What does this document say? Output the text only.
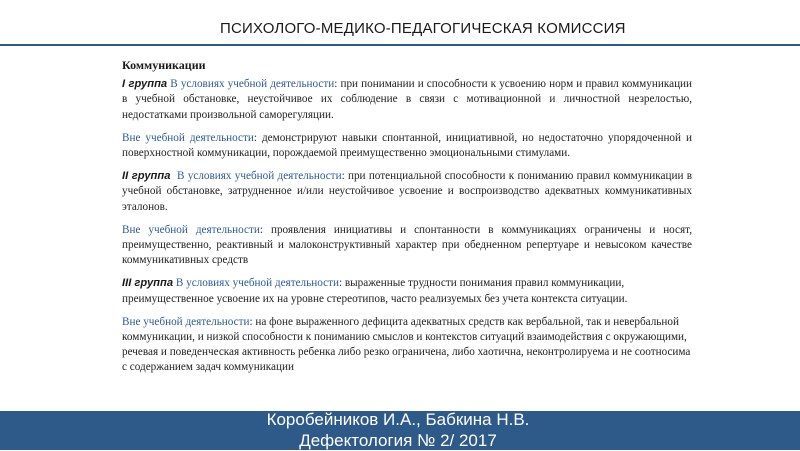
ПСИХОЛОГО-МЕДИКО-ПЕДАГОГИЧЕСКАЯ КОМИССИЯ
Коммуникации

I группа В условиях учебной деятельности: при понимании и способности к усвоению норм и правил коммуникации в учебной обстановке, неустойчивое их соблюдение в связи с мотивационной и личностной незрелостью, недостатками произвольной саморегуляции.

Вне учебной деятельности: демонстрируют навыки спонтанной, инициативной, но недостаточно упорядоченной и поверхностной коммуникации, порождаемой преимущественно эмоциональными стимулами.

II группа В условиях учебной деятельности: при потенциальной способности к пониманию правил коммуникации в учебной обстановке, затрудненное и/или неустойчивое усвоение и воспроизводство адекватных коммуникативных эталонов.

Вне учебной деятельности: проявления инициативы и спонтанности в коммуникациях ограничены и носят, преимущественно, реактивный и малоконструктивный характер при обедненном репертуаре и невысоком качестве коммуникативных средств

III группа В условиях учебной деятельности: выраженные трудности понимания правил коммуникации, преимущественное усвоение их на уровне стереотипов, часто реализуемых без учета контекста ситуации.

Вне учебной деятельности: на фоне выраженного дефицита адекватных средств как вербальной, так и невербальной коммуникации, и низкой способности к пониманию смыслов и контекстов ситуаций взаимодействия с окружающими, речевая и поведенческая активность ребенка либо резко ограничена, либо хаотична, неконтролируема и не соотносима с содержанием задач коммуникации

Коробейников И.А., Бабкина Н.В.
Дефектология № 2/ 2017
